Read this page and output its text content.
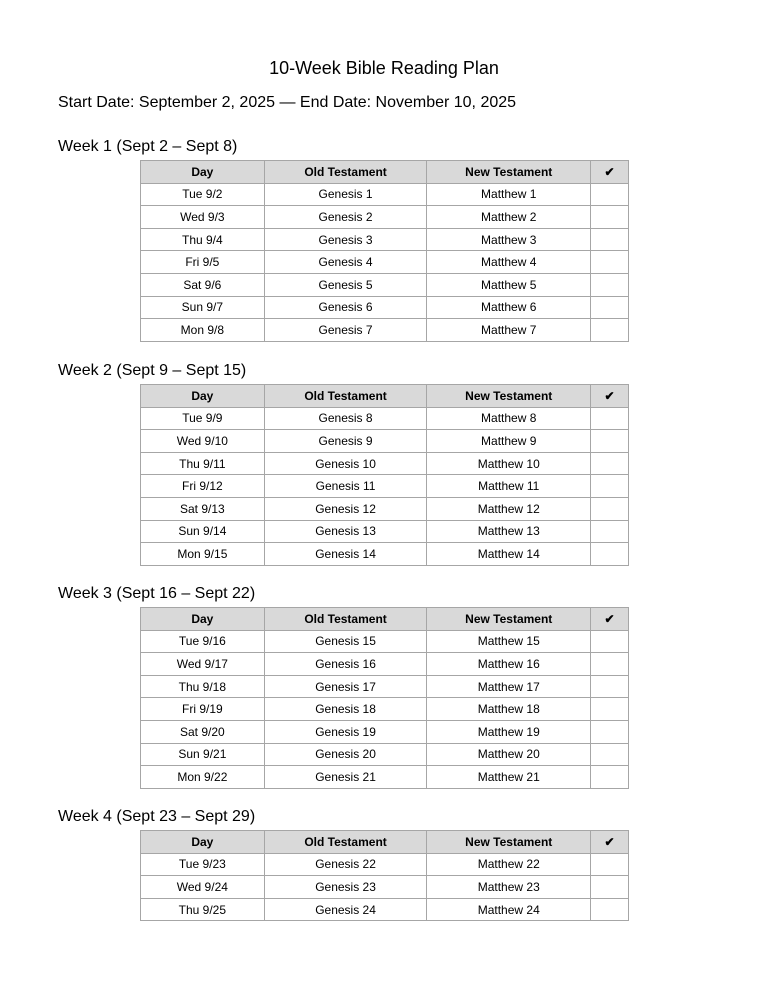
10-Week Bible Reading Plan
Start Date: September 2, 2025 — End Date: November 10, 2025
Week 1 (Sept 2 – Sept 8)
Day	Old Testament	New Testament	✔
Tue 9/2	Genesis 1	Matthew 1	
Wed 9/3	Genesis 2	Matthew 2	
Thu 9/4	Genesis 3	Matthew 3	
Fri 9/5	Genesis 4	Matthew 4	
Sat 9/6	Genesis 5	Matthew 5	
Sun 9/7	Genesis 6	Matthew 6	
Mon 9/8	Genesis 7	Matthew 7	
Week 2 (Sept 9 – Sept 15)
Day	Old Testament	New Testament	✔
Tue 9/9	Genesis 8	Matthew 8	
Wed 9/10	Genesis 9	Matthew 9	
Thu 9/11	Genesis 10	Matthew 10	
Fri 9/12	Genesis 11	Matthew 11	
Sat 9/13	Genesis 12	Matthew 12	
Sun 9/14	Genesis 13	Matthew 13	
Mon 9/15	Genesis 14	Matthew 14	
Week 3 (Sept 16 – Sept 22)
Day	Old Testament	New Testament	✔
Tue 9/16	Genesis 15	Matthew 15	
Wed 9/17	Genesis 16	Matthew 16	
Thu 9/18	Genesis 17	Matthew 17	
Fri 9/19	Genesis 18	Matthew 18	
Sat 9/20	Genesis 19	Matthew 19	
Sun 9/21	Genesis 20	Matthew 20	
Mon 9/22	Genesis 21	Matthew 21	
Week 4 (Sept 23 – Sept 29)
Day	Old Testament	New Testament	✔
Tue 9/23	Genesis 22	Matthew 22	
Wed 9/24	Genesis 23	Matthew 23	
Thu 9/25	Genesis 24	Matthew 24	
